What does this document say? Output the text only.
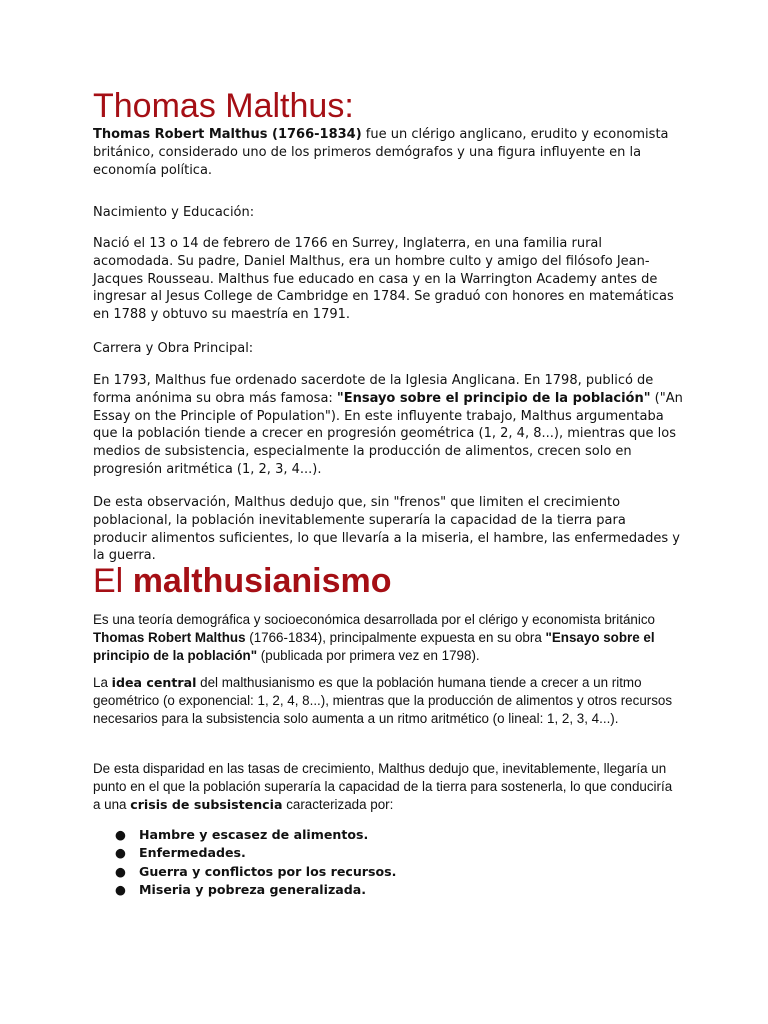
Thomas Malthus:

Thomas Robert Malthus (1766-1834) fue un clérigo anglicano, erudito y economista británico, considerado uno de los primeros demógrafos y una figura influyente en la economía política.

Nacimiento y Educación:

Nació el 13 o 14 de febrero de 1766 en Surrey, Inglaterra, en una familia rural acomodada. Su padre, Daniel Malthus, era un hombre culto y amigo del filósofo Jean-Jacques Rousseau. Malthus fue educado en casa y en la Warrington Academy antes de ingresar al Jesus College de Cambridge en 1784. Se graduó con honores en matemáticas en 1788 y obtuvo su maestría en 1791.

Carrera y Obra Principal:

En 1793, Malthus fue ordenado sacerdote de la Iglesia Anglicana. En 1798, publicó de forma anónima su obra más famosa: "Ensayo sobre el principio de la población" ("An Essay on the Principle of Population"). En este influyente trabajo, Malthus argumentaba que la población tiende a crecer en progresión geométrica (1, 2, 4, 8...), mientras que los medios de subsistencia, especialmente la producción de alimentos, crecen solo en progresión aritmética (1, 2, 3, 4...).

De esta observación, Malthus dedujo que, sin "frenos" que limiten el crecimiento poblacional, la población inevitablemente superaría la capacidad de la tierra para producir alimentos suficientes, lo que llevaría a la miseria, el hambre, las enfermedades y la guerra.

El malthusianismo

Es una teoría demográfica y socioeconómica desarrollada por el clérigo y economista británico Thomas Robert Malthus (1766-1834), principalmente expuesta en su obra "Ensayo sobre el principio de la población" (publicada por primera vez en 1798).

La idea central del malthusianismo es que la población humana tiende a crecer a un ritmo geométrico (o exponencial: 1, 2, 4, 8...), mientras que la producción de alimentos y otros recursos necesarios para la subsistencia solo aumenta a un ritmo aritmético (o lineal: 1, 2, 3, 4...).

De esta disparidad en las tasas de crecimiento, Malthus dedujo que, inevitablemente, llegaría un punto en el que la población superaría la capacidad de la tierra para sostenerla, lo que conduciría a una crisis de subsistencia caracterizada por:

● Hambre y escasez de alimentos.
● Enfermedades.
● Guerra y conflictos por los recursos.
● Miseria y pobreza generalizada.
